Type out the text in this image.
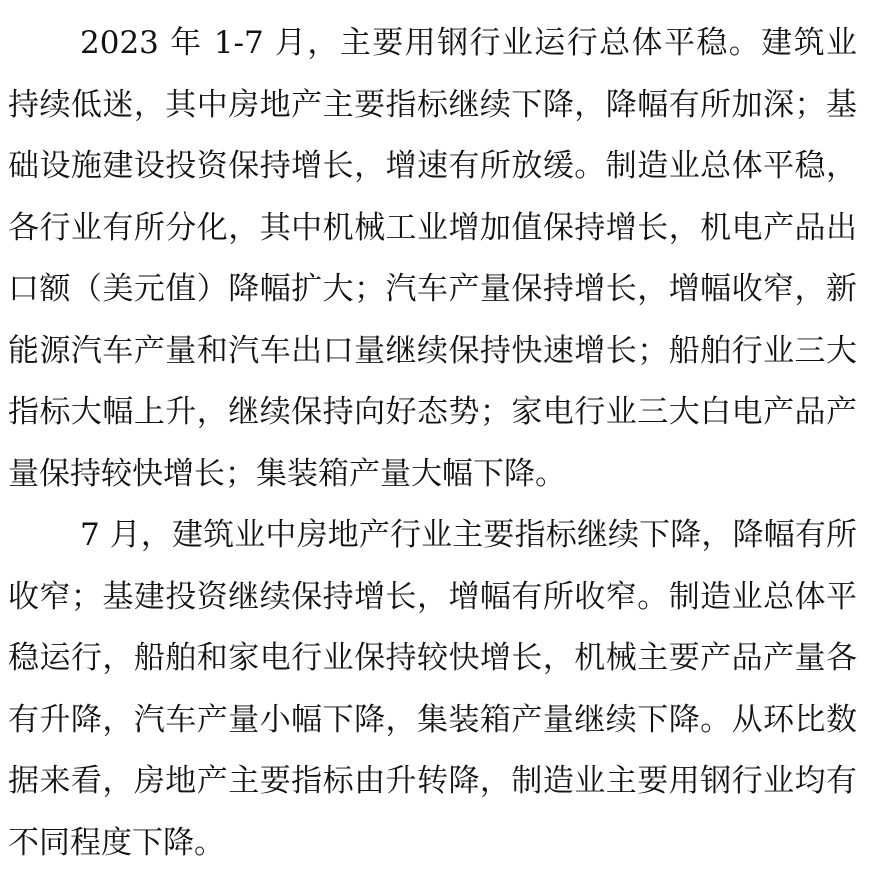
2023 年 1-7 月，主要用钢行业运行总体平稳。建筑业持续低迷，其中房地产主要指标继续下降，降幅有所加深；基础设施建设投资保持增长，增速有所放缓。制造业总体平稳，各行业有所分化，其中机械工业增加值保持增长，机电产品出口额（美元值）降幅扩大；汽车产量保持增长，增幅收窄，新能源汽车产量和汽车出口量继续保持快速增长；船舶行业三大指标大幅上升，继续保持向好态势；家电行业三大白电产品产量保持较快增长；集装箱产量大幅下降。

7 月，建筑业中房地产行业主要指标继续下降，降幅有所收窄；基建投资继续保持增长，增幅有所收窄。制造业总体平稳运行，船舶和家电行业保持较快增长，机械主要产品产量各有升降，汽车产量小幅下降，集装箱产量继续下降。从环比数据来看，房地产主要指标由升转降，制造业主要用钢行业均有不同程度下降。
